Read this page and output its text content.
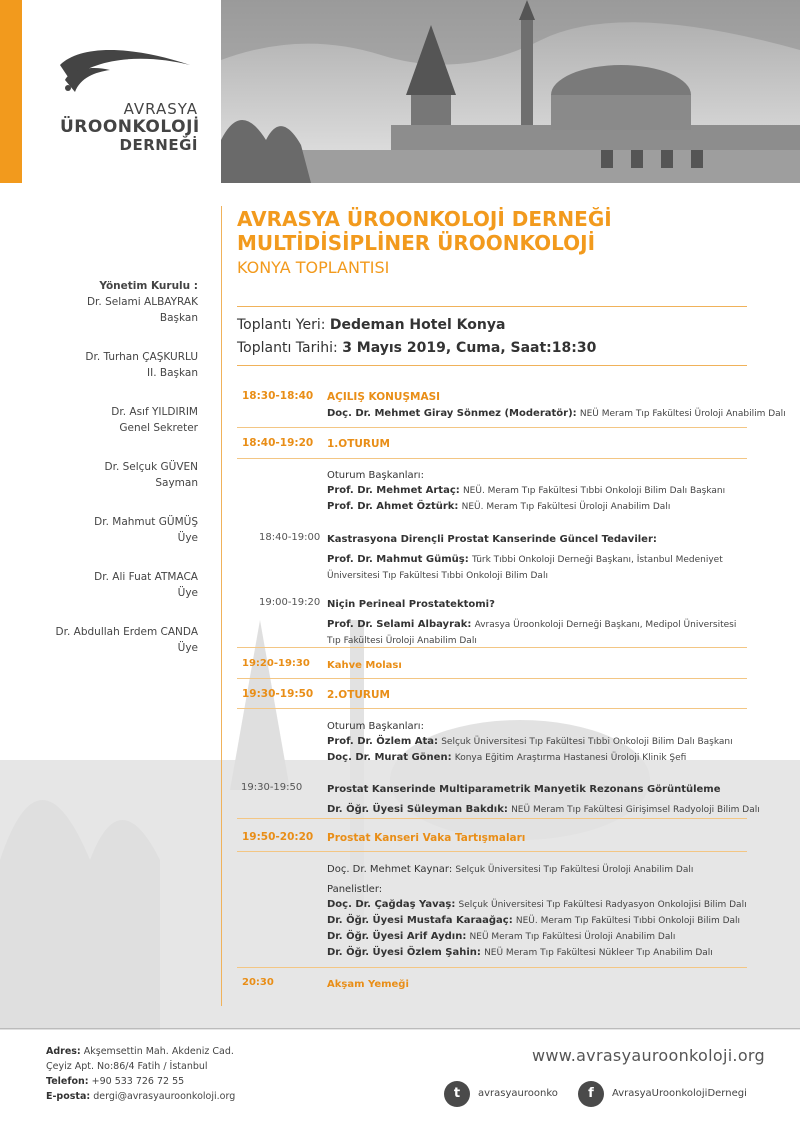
AVRASYA
ÜROONKOLOJİ
DERNEĞİ
AVRASYA ÜROONKOLOJİ DERNEĞİ
MULTİDİSİPLİNER ÜROONKOLOJİ
KONYA TOPLANTISI
Toplantı Yeri: Dedeman Hotel Konya
Toplantı Tarihi: 3 Mayıs 2019, Cuma, Saat:18:30
Yönetim Kurulu :
Dr. Selami ALBAYRAK
Başkan
Dr. Turhan ÇAŞKURLU
II. Başkan
Dr. Asıf YILDIRIM
Genel Sekreter
Dr. Selçuk GÜVEN
Sayman
Dr. Mahmut GÜMÜŞ
Üye
Dr. Ali Fuat ATMACA
Üye
Dr. Abdullah Erdem CANDA
Üye
18:30-18:40 AÇILIŞ KONUŞMASI
Doç. Dr. Mehmet Giray Sönmez (Moderatör): NEÜ Meram Tıp Fakültesi Üroloji Anabilim Dalı
18:40-19:20 1.OTURUM
Oturum Başkanları:
Prof. Dr. Mehmet Artaç: NEÜ. Meram Tıp Fakültesi Tıbbi Onkoloji Bilim Dalı Başkanı
Prof. Dr. Ahmet Öztürk: NEÜ. Meram Tıp Fakültesi Üroloji Anabilim Dalı
18:40-19:00 Kastrasyona Dirençli Prostat Kanserinde Güncel Tedaviler:
Prof. Dr. Mahmut Gümüş: Türk Tıbbi Onkoloji Derneği Başkanı, İstanbul Medeniyet Üniversitesi Tıp Fakültesi Tıbbi Onkoloji Bilim Dalı
19:00-19:20 Niçin Perineal Prostatektomi?
Prof. Dr. Selami Albayrak: Avrasya Üroonkoloji Derneği Başkanı, Medipol Üniversitesi Tıp Fakültesi Üroloji Anabilim Dalı
19:20-19:30 Kahve Molası
19:30-19:50 2.OTURUM
Oturum Başkanları:
Prof. Dr. Özlem Ata: Selçuk Üniversitesi Tıp Fakültesi Tıbbi Onkoloji Bilim Dalı Başkanı
Doç. Dr. Murat Gönen: Konya Eğitim Araştırma Hastanesi Üroloji Klinik Şefi
19:30-19:50 Prostat Kanserinde Multiparametrik Manyetik Rezonans Görüntüleme
Dr. Öğr. Üyesi Süleyman Bakdık: NEÜ Meram Tıp Fakültesi Girişimsel Radyoloji Bilim Dalı
19:50-20:20 Prostat Kanseri Vaka Tartışmaları
Doç. Dr. Mehmet Kaynar: Selçuk Üniversitesi Tıp Fakültesi Üroloji Anabilim Dalı
Panelistler:
Doç. Dr. Çağdaş Yavaş: Selçuk Üniversitesi Tıp Fakültesi Radyasyon Onkolojisi Bilim Dalı
Dr. Öğr. Üyesi Mustafa Karaağaç: NEÜ. Meram Tıp Fakültesi Tıbbi Onkoloji Bilim Dalı
Dr. Öğr. Üyesi Arif Aydın: NEÜ Meram Tıp Fakültesi Üroloji Anabilim Dalı
Dr. Öğr. Üyesi Özlem Şahin: NEÜ Meram Tıp Fakültesi Nükleer Tıp Anabilim Dalı
20:30	Akşam Yemeği
Adres: Akşemsettin Mah. Akdeniz Cad.
Çeyiz Apt. No:86/4 Fatih / İstanbul
Telefon: +90 533 726 72 55
E-posta: dergi@avrasyauroonkoloji.org
www.avrasyauroonkoloji.org
t	avrasyauroonko	f	AvrasyaUroonkolojiDernegi
